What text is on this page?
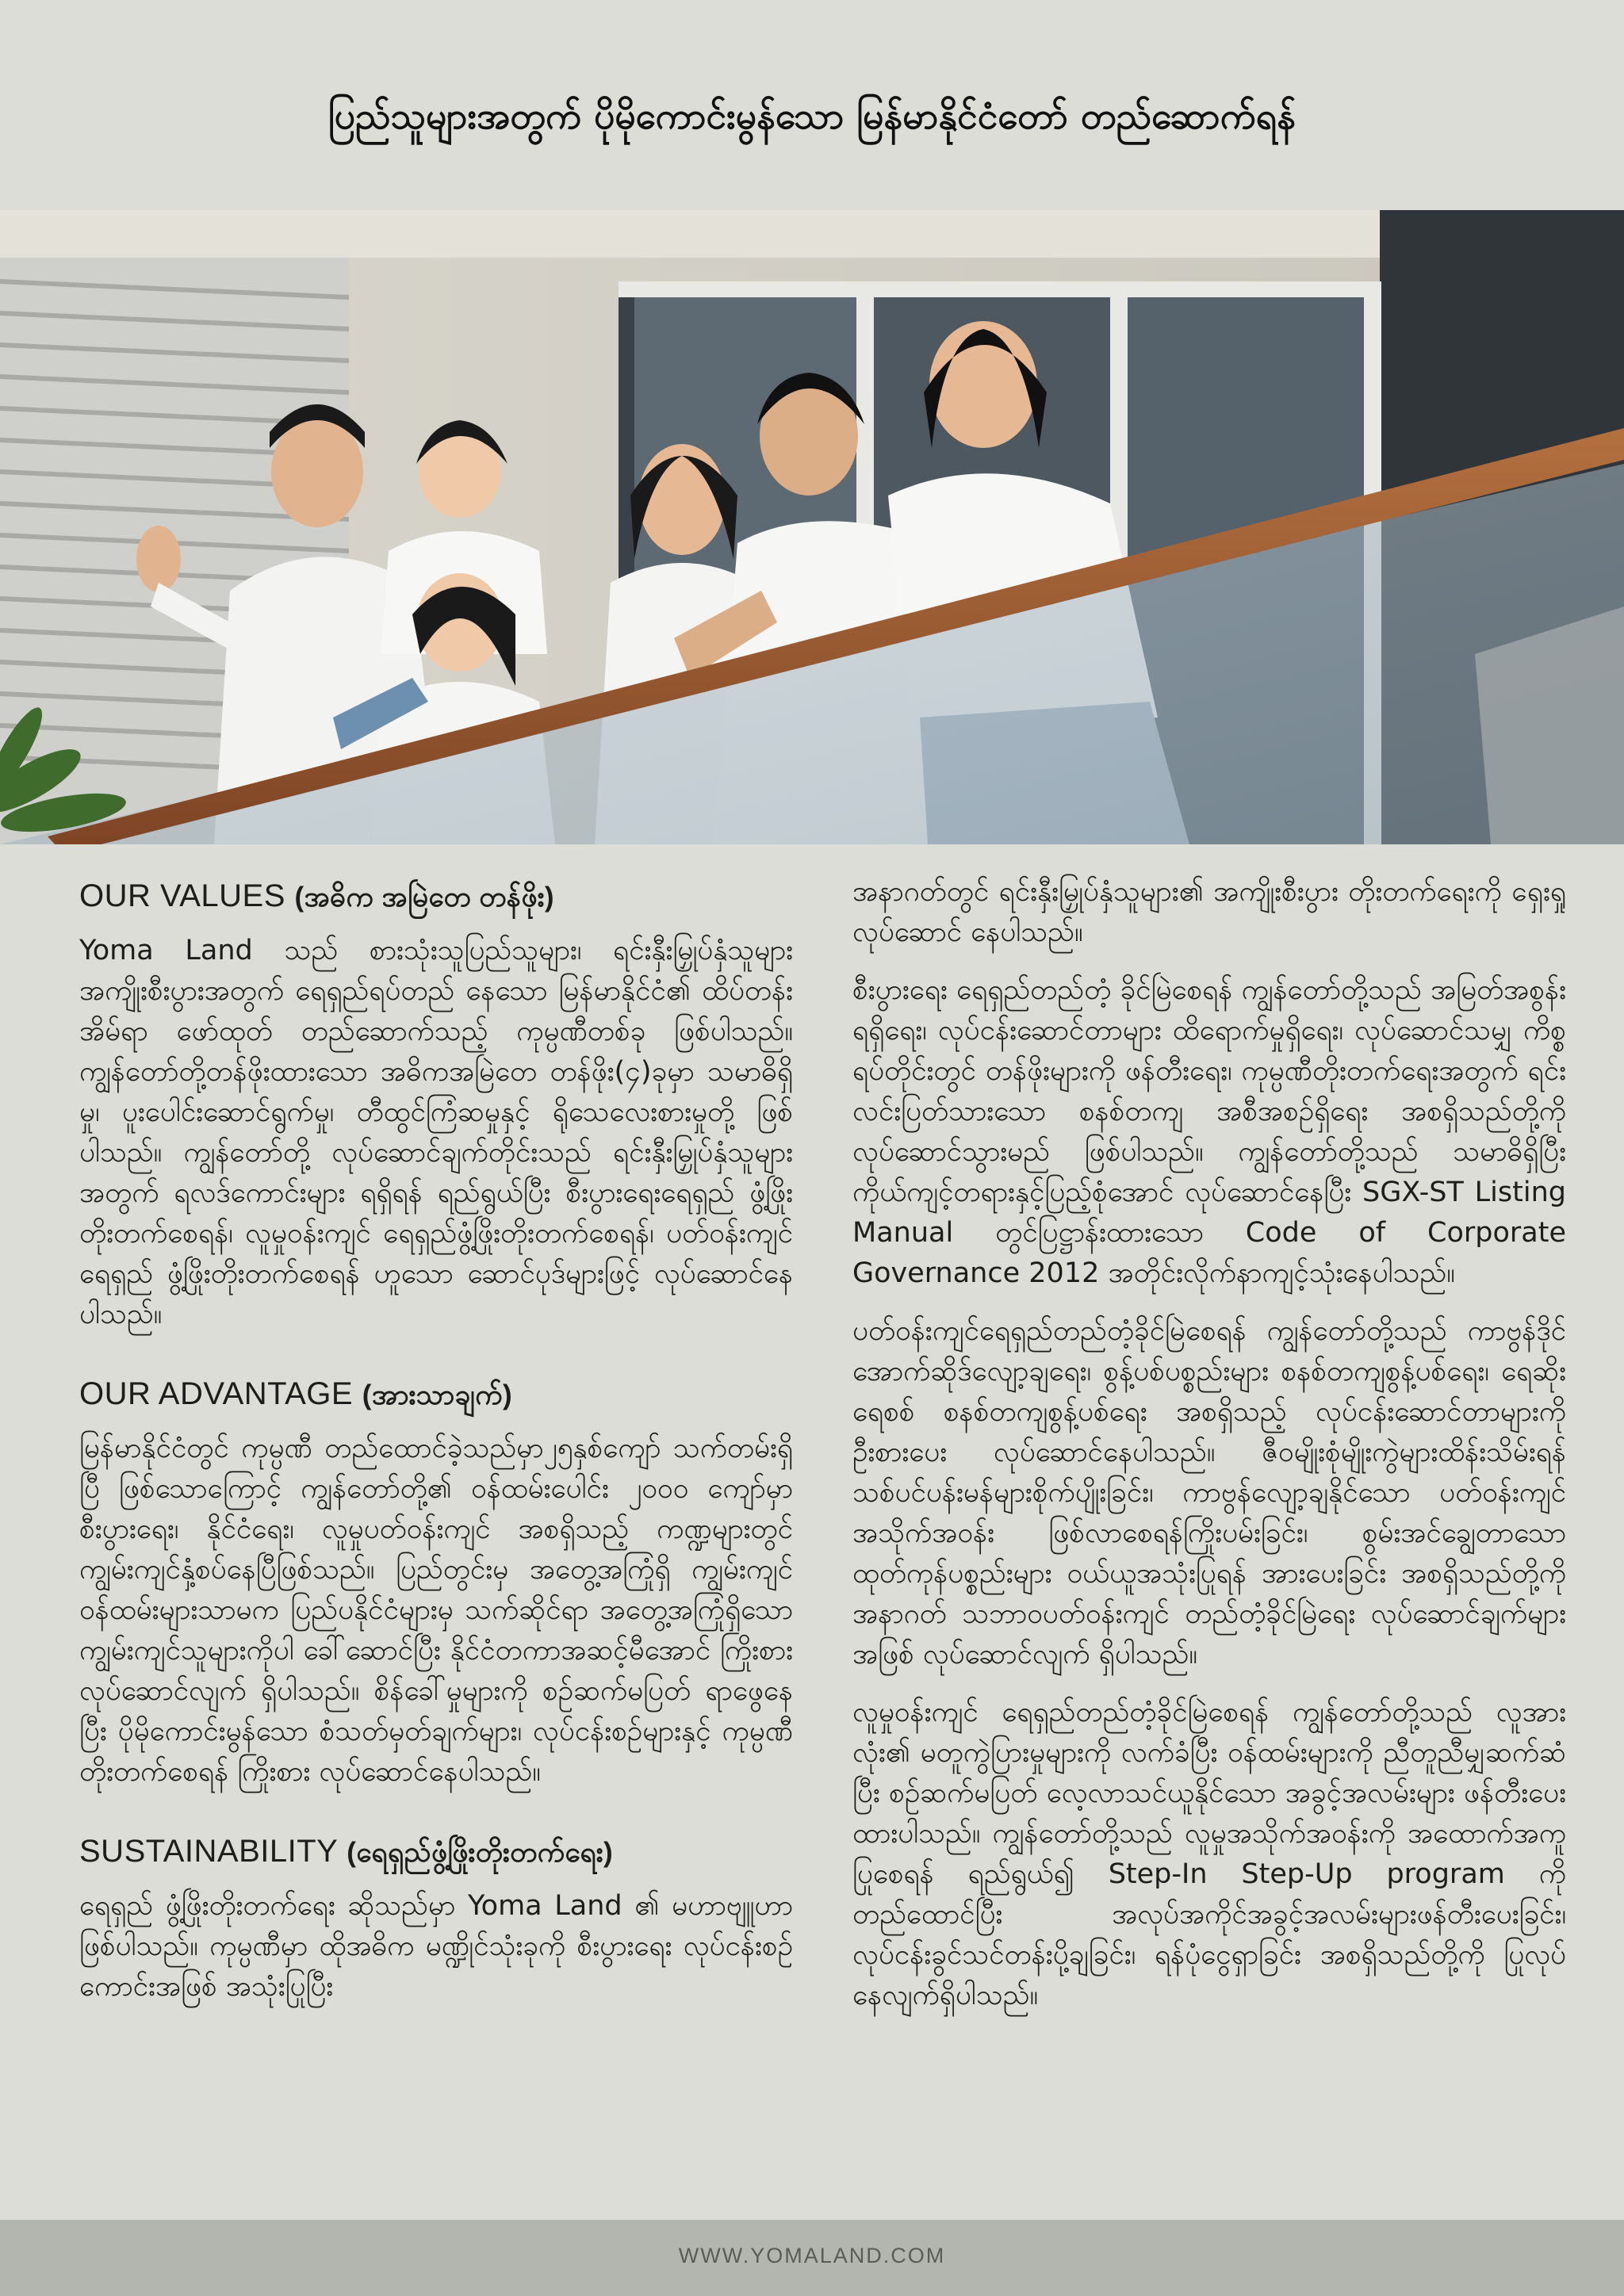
ပြည်သူများအတွက် ပိုမိုကောင်းမွန်သော မြန်မာနိုင်ငံတော် တည်ဆောက်ရန်
OUR VALUES (အဓိက အမြဲတေ တန်ဖိုး)

Yoma Land သည် စားသုံးသူပြည်သူများ၊ ရင်းနှီးမြှုပ်နှံသူများ အကျိုးစီးပွားအတွက် ရေရှည်ရပ်တည် နေသော မြန်မာနိုင်ငံ၏ ထိပ်တန်းအိမ်ရာ ဖော်ထုတ် တည်ဆောက်သည့် ကုမ္ပဏီတစ်ခု ဖြစ်ပါသည်။ ကျွန်တော်တို့တန်ဖိုးထားသော အဓိကအမြဲတေ တန်ဖိုး(၄)ခုမှာ သမာဓိရှိမှု၊ ပူးပေါင်းဆောင်ရွက်မှု၊ တီထွင်ကြံဆမှုနှင့် ရိုသေလေးစားမှုတို့ ဖြစ်ပါသည်။ ကျွန်တော်တို့ လုပ်ဆောင်ချက်တိုင်းသည် ရင်းနှီးမြှုပ်နှံသူများအတွက် ရလဒ်ကောင်းများ ရရှိရန် ရည်ရွယ်ပြီး စီးပွားရေးရေရှည် ဖွံ့ဖြိုးတိုးတက်စေရန်၊ လူမှုဝန်းကျင် ရေရှည်ဖွံ့ဖြိုးတိုးတက်စေရန်၊ ပတ်ဝန်းကျင် ရေရှည် ဖွံ့ဖြိုးတိုးတက်စေရန် ဟူသော ဆောင်ပုဒ်များဖြင့် လုပ်ဆောင်နေပါသည်။

OUR ADVANTAGE (အားသာချက်)

မြန်မာနိုင်ငံတွင် ကုမ္ပဏီ တည်ထောင်ခဲ့သည်မှာ၂၅နှစ်ကျော် သက်တမ်းရှိပြီ ဖြစ်သောကြောင့် ကျွန်တော်တို့၏ ဝန်ထမ်းပေါင်း ၂၀၀၀ ကျော်မှာ စီးပွားရေး၊ နိုင်ငံရေး၊ လူမှုပတ်ဝန်းကျင် အစရှိသည့် ကဏ္ဍများတွင် ကျွမ်းကျင်နှံ့စပ်နေပြီဖြစ်သည်။ ပြည်တွင်းမှ အတွေ့အကြုံရှိ ကျွမ်းကျင်ဝန်ထမ်းများသာမက ပြည်ပနိုင်ငံများမှ သက်ဆိုင်ရာ အတွေ့အကြုံရှိသော ကျွမ်းကျင်သူများကိုပါ ခေါ်ဆောင်ပြီး နိုင်ငံတကာအဆင့်မီအောင် ကြိုးစားလုပ်ဆောင်လျက် ရှိပါသည်။ စိန်ခေါ်မှုများကို စဉ်ဆက်မပြတ် ရာဖွေနေပြီး ပိုမိုကောင်းမွန်သော စံသတ်မှတ်ချက်များ၊ လုပ်ငန်းစဉ်များနှင့် ကုမ္ပဏီ တိုးတက်စေရန် ကြိုးစား လုပ်ဆောင်နေပါသည်။

SUSTAINABILITY (ရေရှည်ဖွံ့ဖြိုးတိုးတက်ရေး)

ရေရှည် ဖွံ့ဖြိုးတိုးတက်ရေး ဆိုသည်မှာ Yoma Land ၏ မဟာဗျူဟာ ဖြစ်ပါသည်။ ကုမ္ပဏီမှာ ထိုအဓိက မဏ္ဍိုင်သုံးခုကို စီးပွားရေး လုပ်ငန်းစဉ်ကောင်းအဖြစ် အသုံးပြုပြီး

အနာဂတ်တွင် ရင်းနှီးမြှုပ်နှံသူများ၏ အကျိုးစီးပွား တိုးတက်ရေးကို ရှေးရှုလုပ်ဆောင် နေပါသည်။

စီးပွားရေး ရေရှည်တည်တံ့ ခိုင်မြဲစေရန် ကျွန်တော်တို့သည် အမြတ်အစွန်းရရှိရေး၊ လုပ်ငန်းဆောင်တာများ ထိရောက်မှုရှိရေး၊ လုပ်ဆောင်သမျှ ကိစ္စရပ်တိုင်းတွင် တန်ဖိုးများကို ဖန်တီးရေး၊ ကုမ္ပဏီတိုးတက်ရေးအတွက် ရင်းလင်းပြတ်သားသော စနစ်တကျ အစီအစဉ်ရှိရေး အစရှိသည်တို့ကို လုပ်ဆောင်သွားမည် ဖြစ်ပါသည်။ ကျွန်တော်တို့သည် သမာဓိရှိပြီး ကိုယ်ကျင့်တရားနှင့်ပြည့်စုံအောင် လုပ်ဆောင်နေပြီး SGX-ST Listing Manual တွင်ပြဋ္ဌာန်းထားသော Code of Corporate Governance 2012 အတိုင်းလိုက်နာကျင့်သုံးနေပါသည်။

ပတ်ဝန်းကျင်ရေရှည်တည်တံ့ခိုင်မြဲစေရန် ကျွန်တော်တို့သည် ကာဗွန်ဒိုင်အောက်ဆိုဒ်လျော့ချရေး၊ စွန့်ပစ်ပစ္စည်းများ စနစ်တကျစွန့်ပစ်ရေး၊ ရေဆိုးရေစစ် စနစ်တကျစွန့်ပစ်ရေး အစရှိသည့် လုပ်ငန်းဆောင်တာများကို ဦးစားပေး လုပ်ဆောင်နေပါသည်။ ဇီဝမျိုးစုံမျိုးကွဲများထိန်းသိမ်းရန် သစ်ပင်ပန်းမန်များစိုက်ပျိုးခြင်း၊ ကာဗွန်လျော့ချနိုင်သော ပတ်ဝန်းကျင်အသိုက်အဝန်း ဖြစ်လာစေရန်ကြိုးပမ်းခြင်း၊ စွမ်းအင်ချွေတာသော ထုတ်ကုန်ပစ္စည်းများ ဝယ်ယူအသုံးပြုရန် အားပေးခြင်း အစရှိသည်တို့ကို အနာဂတ် သဘာဝပတ်ဝန်းကျင် တည်တံ့ခိုင်မြဲရေး လုပ်ဆောင်ချက်များအဖြစ် လုပ်ဆောင်လျက် ရှိပါသည်။

လူမှုဝန်းကျင် ရေရှည်တည်တံ့ခိုင်မြဲစေရန် ကျွန်တော်တို့သည် လူအားလုံး၏ မတူကွဲပြားမှုများကို လက်ခံပြီး ဝန်ထမ်းများကို ညီတူညီမျှဆက်ဆံပြီး စဉ်ဆက်မပြတ် လေ့လာသင်ယူနိုင်သော အခွင့်အလမ်းများ ဖန်တီးပေးထားပါသည်။ ကျွန်တော်တို့သည် လူမှုအသိုက်အဝန်းကို အထောက်အကူပြုစေရန် ရည်ရွယ်၍ Step-In Step-Up program ကို တည်ထောင်ပြီး အလုပ်အကိုင်အခွင့်အလမ်းများဖန်တီးပေးခြင်း၊ လုပ်ငန်းခွင်သင်တန်းပို့ချခြင်း၊ ရန်ပုံငွေရှာခြင်း အစရှိသည်တို့ကို ပြုလုပ်နေလျက်ရှိပါသည်။

WWW.YOMALAND.COM
